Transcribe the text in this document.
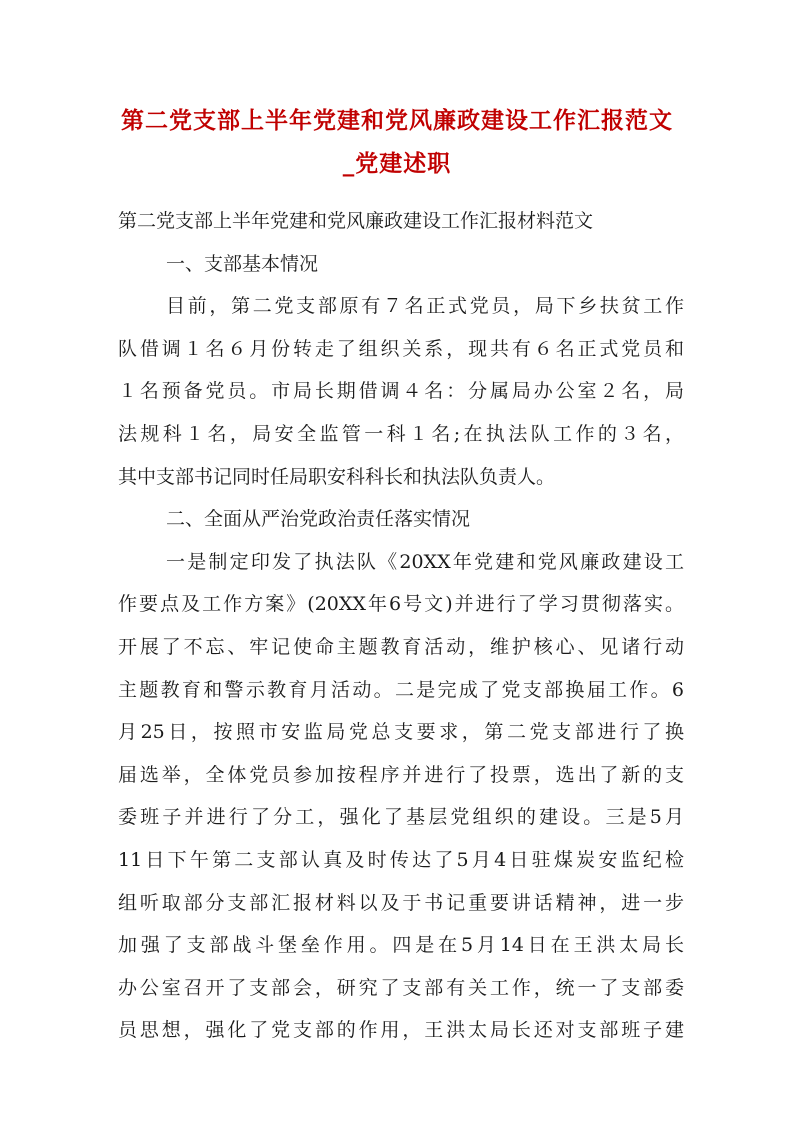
第二党支部上半年党建和党风廉政建设工作汇报范文
_党建述职
第二党支部上半年党建和党风廉政建设工作汇报材料范文
一、支部基本情况
目前，第二党支部原有７名正式党员，局下乡扶贫工作
队借调１名６月份转走了组织关系，现共有６名正式党员和
１名预备党员。市局长期借调４名：分属局办公室２名，局
法规科１名，局安全监管一科１名;在执法队工作的３名，
其中支部书记同时任局职安科科长和执法队负责人。
二、全面从严治党政治责任落实情况
一是制定印发了执法队《20XX年党建和党风廉政建设工
作要点及工作方案》(20XX年6号文)并进行了学习贯彻落实。
开展了不忘、牢记使命主题教育活动，维护核心、见诸行动
主题教育和警示教育月活动。二是完成了党支部换届工作。6
月25日，按照市安监局党总支要求，第二党支部进行了换
届选举，全体党员参加按程序并进行了投票，选出了新的支
委班子并进行了分工，强化了基层党组织的建设。三是5月
11日下午第二支部认真及时传达了5月4日驻煤炭安监纪检
组听取部分支部汇报材料以及于书记重要讲话精神，进一步
加强了支部战斗堡垒作用。四是在5月14日在王洪太局长
办公室召开了支部会，研究了支部有关工作，统一了支部委
员思想，强化了党支部的作用，王洪太局长还对支部班子建
